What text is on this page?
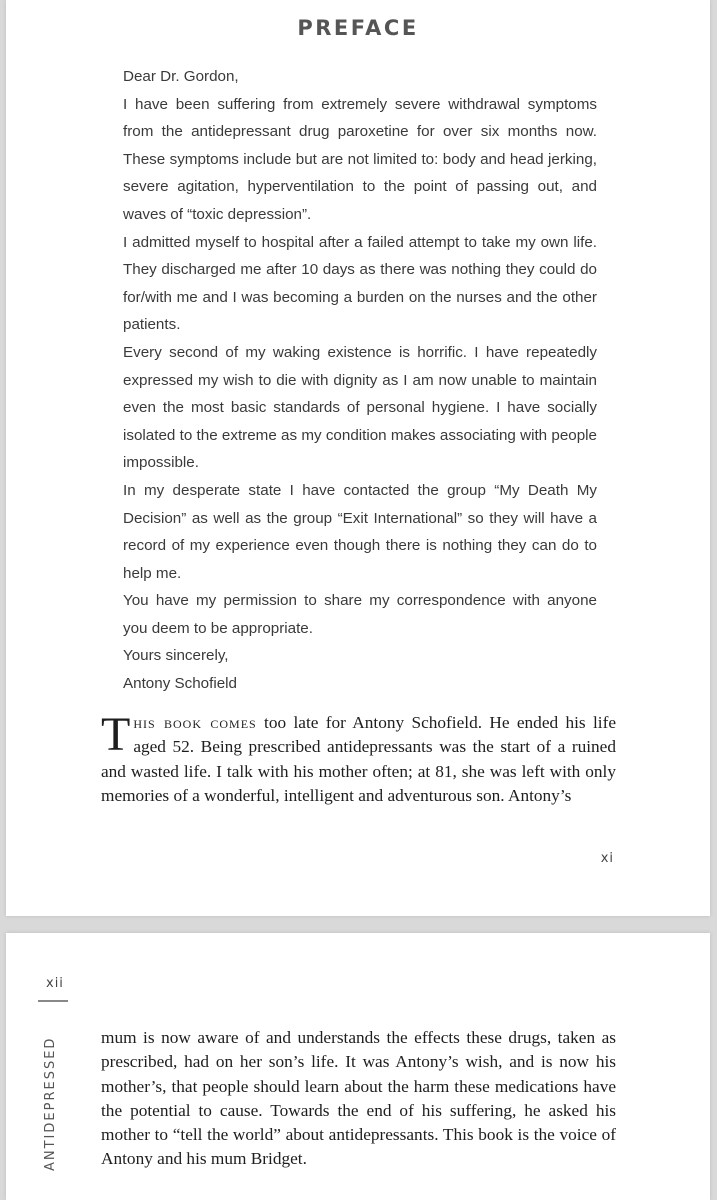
PREFACE

Dear Dr. Gordon,

I have been suffering from extremely severe withdrawal symptoms from the antidepressant drug paroxetine for over six months now. These symptoms include but are not limited to: body and head jerking, severe agitation, hyperventilation to the point of passing out, and waves of “toxic depression”.

I admitted myself to hospital after a failed attempt to take my own life. They discharged me after 10 days as there was nothing they could do for/with me and I was becoming a burden on the nurses and the other patients.

Every second of my waking existence is horrific. I have repeatedly expressed my wish to die with dignity as I am now unable to maintain even the most basic standards of personal hygiene. I have socially isolated to the extreme as my condition makes associating with people impossible.

In my desperate state I have contacted the group “My Death My Decision” as well as the group “Exit International” so they will have a record of my experience even though there is nothing they can do to help me.

You have my permission to share my correspondence with anyone you deem to be appropriate.

Yours sincerely,

Antony Schofield

This book comes too late for Antony Schofield. He ended his life aged 52. Being prescribed antidepressants was the start of a ruined and wasted life. I talk with his mother often; at 81, she was left with only memories of a wonderful, intelligent and adventurous son. Antony’s

xi
xii
ANTIDEPRESSED mum is now aware of and understands the effects these drugs, taken as prescribed, had on her son’s life. It was Antony’s wish, and is now his mother’s, that people should learn about the harm these medications have the potential to cause. Towards the end of his suffering, he asked his mother to “tell the world” about antidepressants. This book is the voice of Antony and his mum Bridget.
